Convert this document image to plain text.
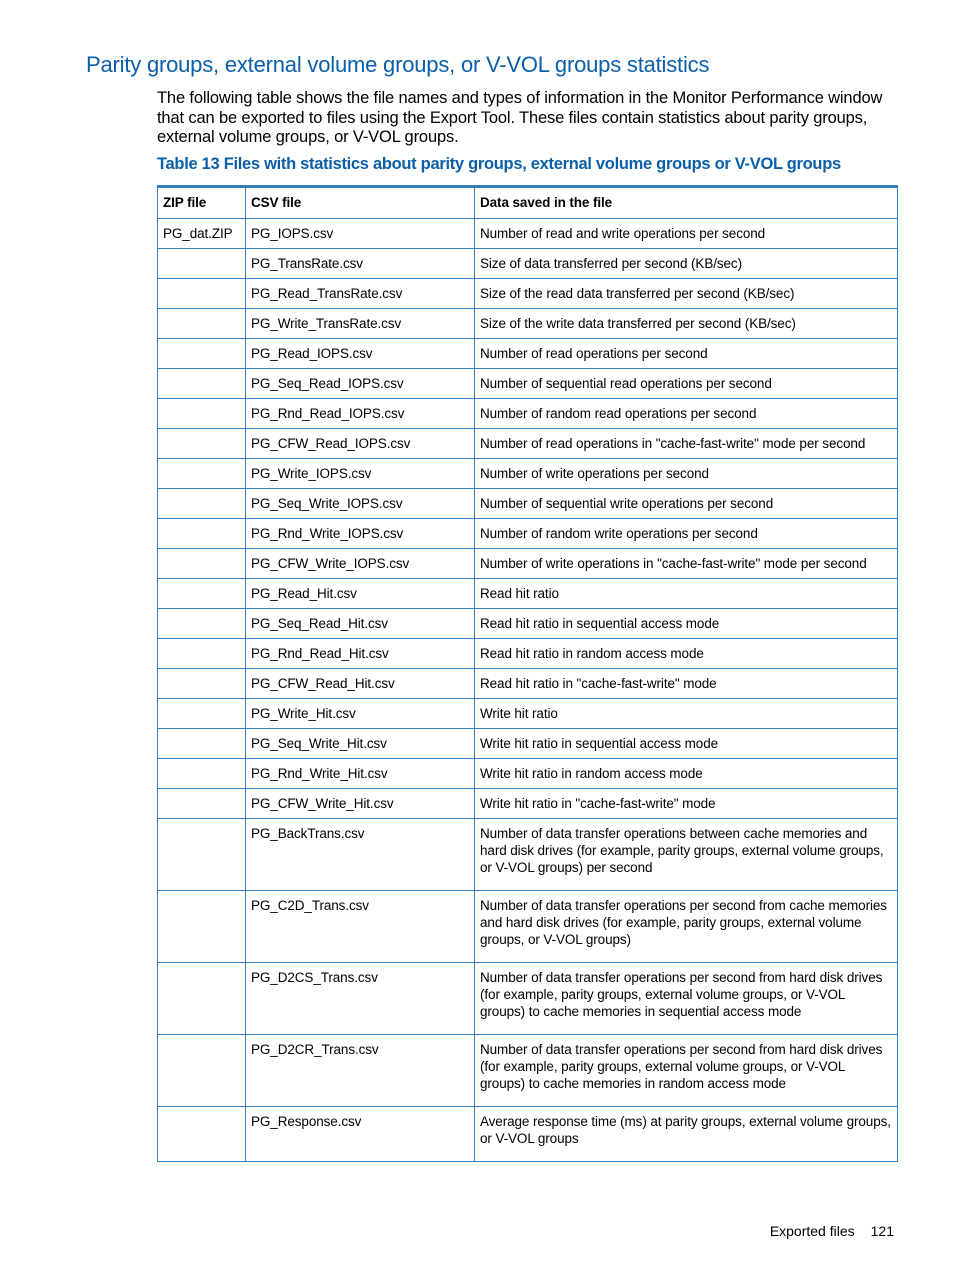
Parity groups, external volume groups, or V-VOL groups statistics

The following table shows the file names and types of information in the Monitor Performance window that can be exported to files using the Export Tool. These files contain statistics about parity groups, external volume groups, or V-VOL groups.

Table 13 Files with statistics about parity groups, external volume groups or V-VOL groups

ZIP file	CSV file	Data saved in the file
PG_dat.ZIP	PG_IOPS.csv	Number of read and write operations per second
	PG_TransRate.csv	Size of data transferred per second (KB/sec)
	PG_Read_TransRate.csv	Size of the read data transferred per second (KB/sec)
	PG_Write_TransRate.csv	Size of the write data transferred per second (KB/sec)
	PG_Read_IOPS.csv	Number of read operations per second
	PG_Seq_Read_IOPS.csv	Number of sequential read operations per second
	PG_Rnd_Read_IOPS.csv	Number of random read operations per second
	PG_CFW_Read_IOPS.csv	Number of read operations in "cache-fast-write" mode per second
	PG_Write_IOPS.csv	Number of write operations per second
	PG_Seq_Write_IOPS.csv	Number of sequential write operations per second
	PG_Rnd_Write_IOPS.csv	Number of random write operations per second
	PG_CFW_Write_IOPS.csv	Number of write operations in "cache-fast-write" mode per second
	PG_Read_Hit.csv	Read hit ratio
	PG_Seq_Read_Hit.csv	Read hit ratio in sequential access mode
	PG_Rnd_Read_Hit.csv	Read hit ratio in random access mode
	PG_CFW_Read_Hit.csv	Read hit ratio in "cache-fast-write" mode
	PG_Write_Hit.csv	Write hit ratio
	PG_Seq_Write_Hit.csv	Write hit ratio in sequential access mode
	PG_Rnd_Write_Hit.csv	Write hit ratio in random access mode
	PG_CFW_Write_Hit.csv	Write hit ratio in "cache-fast-write" mode
	PG_BackTrans.csv	Number of data transfer operations between cache memories and hard disk drives (for example, parity groups, external volume groups, or V-VOL groups) per second
	PG_C2D_Trans.csv	Number of data transfer operations per second from cache memories and hard disk drives (for example, parity groups, external volume groups, or V-VOL groups)
	PG_D2CS_Trans.csv	Number of data transfer operations per second from hard disk drives (for example, parity groups, external volume groups, or V-VOL groups) to cache memories in sequential access mode
	PG_D2CR_Trans.csv	Number of data transfer operations per second from hard disk drives (for example, parity groups, external volume groups, or V-VOL groups) to cache memories in random access mode
	PG_Response.csv	Average response time (ms) at parity groups, external volume groups, or V-VOL groups
Exported files 121
